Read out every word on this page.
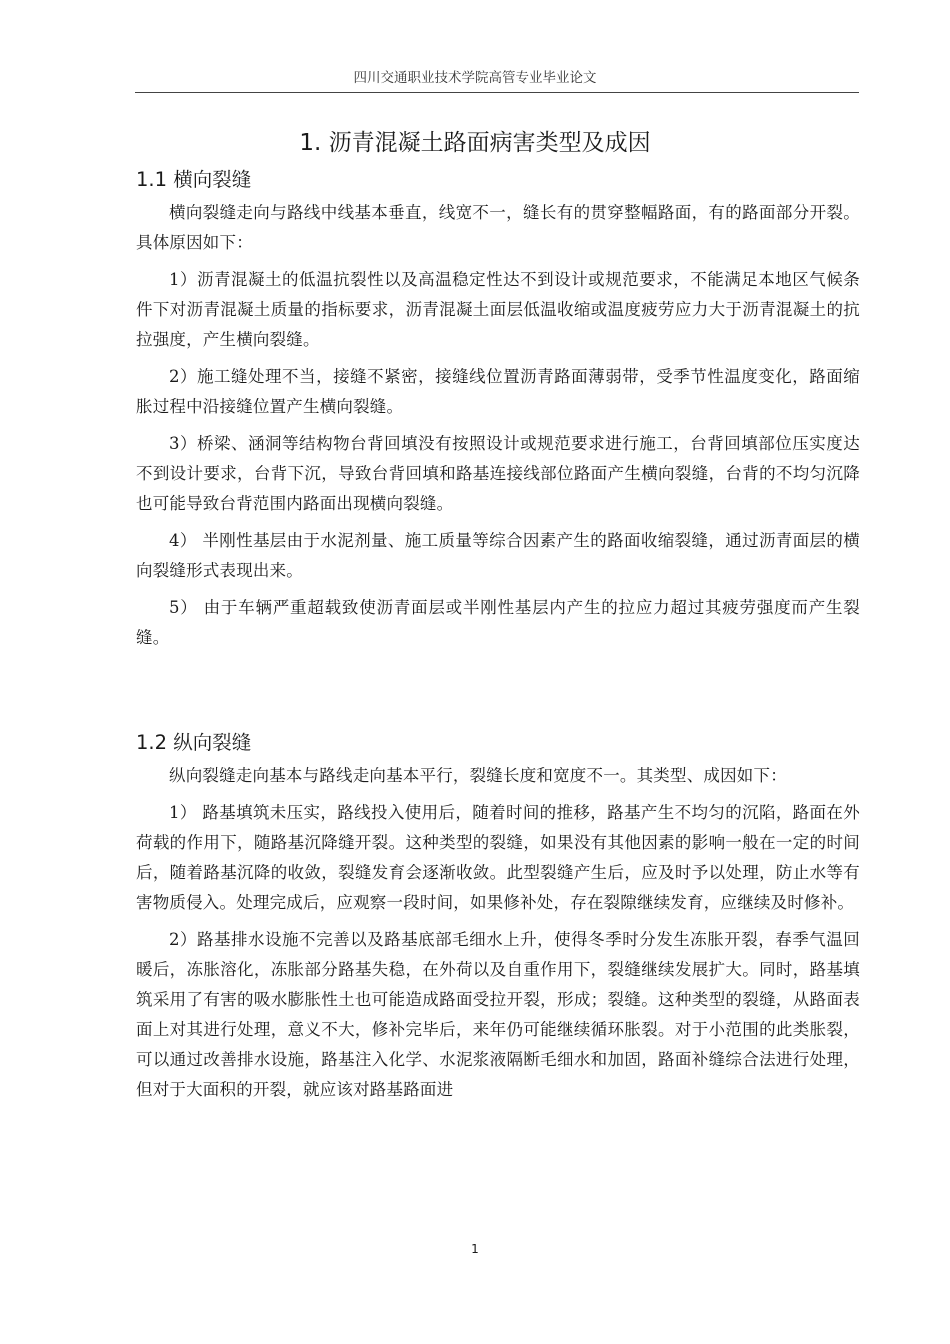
四川交通职业技术学院高管专业毕业论文
1. 沥青混凝土路面病害类型及成因
1.1 横向裂缝

横向裂缝走向与路线中线基本垂直，线宽不一，缝长有的贯穿整幅路面，有的路面部分开裂。具体原因如下：

1）沥青混凝土的低温抗裂性以及高温稳定性达不到设计或规范要求，不能满足本地区气候条件下对沥青混凝土质量的指标要求，沥青混凝土面层低温收缩或温度疲劳应力大于沥青混凝土的抗拉强度，产生横向裂缝。

2）施工缝处理不当，接缝不紧密，接缝线位置沥青路面薄弱带，受季节性温度变化，路面缩胀过程中沿接缝位置产生横向裂缝。

3）桥梁、涵洞等结构物台背回填没有按照设计或规范要求进行施工，台背回填部位压实度达不到设计要求，台背下沉，导致台背回填和路基连接线部位路面产生横向裂缝，台背的不均匀沉降也可能导致台背范围内路面出现横向裂缝。

4） 半刚性基层由于水泥剂量、施工质量等综合因素产生的路面收缩裂缝，通过沥青面层的横向裂缝形式表现出来。

5） 由于车辆严重超载致使沥青面层或半刚性基层内产生的拉应力超过其疲劳强度而产生裂缝。

1.2 纵向裂缝

纵向裂缝走向基本与路线走向基本平行，裂缝长度和宽度不一。其类型、成因如下：

1） 路基填筑未压实，路线投入使用后，随着时间的推移，路基产生不均匀的沉陷，路面在外荷载的作用下，随路基沉降缝开裂。这种类型的裂缝，如果没有其他因素的影响一般在一定的时间后，随着路基沉降的收敛，裂缝发育会逐渐收敛。此型裂缝产生后，应及时予以处理，防止水等有害物质侵入。处理完成后，应观察一段时间，如果修补处，存在裂隙继续发育，应继续及时修补。

2）路基排水设施不完善以及路基底部毛细水上升，使得冬季时分发生冻胀开裂，春季气温回暖后，冻胀溶化，冻胀部分路基失稳，在外荷以及自重作用下，裂缝继续发展扩大。同时，路基填筑采用了有害的吸水膨胀性土也可能造成路面受拉开裂，形成；裂缝。这种类型的裂缝，从路面表面上对其进行处理，意义不大，修补完毕后，来年仍可能继续循环胀裂。对于小范围的此类胀裂，可以通过改善排水设施，路基注入化学、水泥浆液隔断毛细水和加固，路面补缝综合法进行处理，但对于大面积的开裂，就应该对路基路面进

1
